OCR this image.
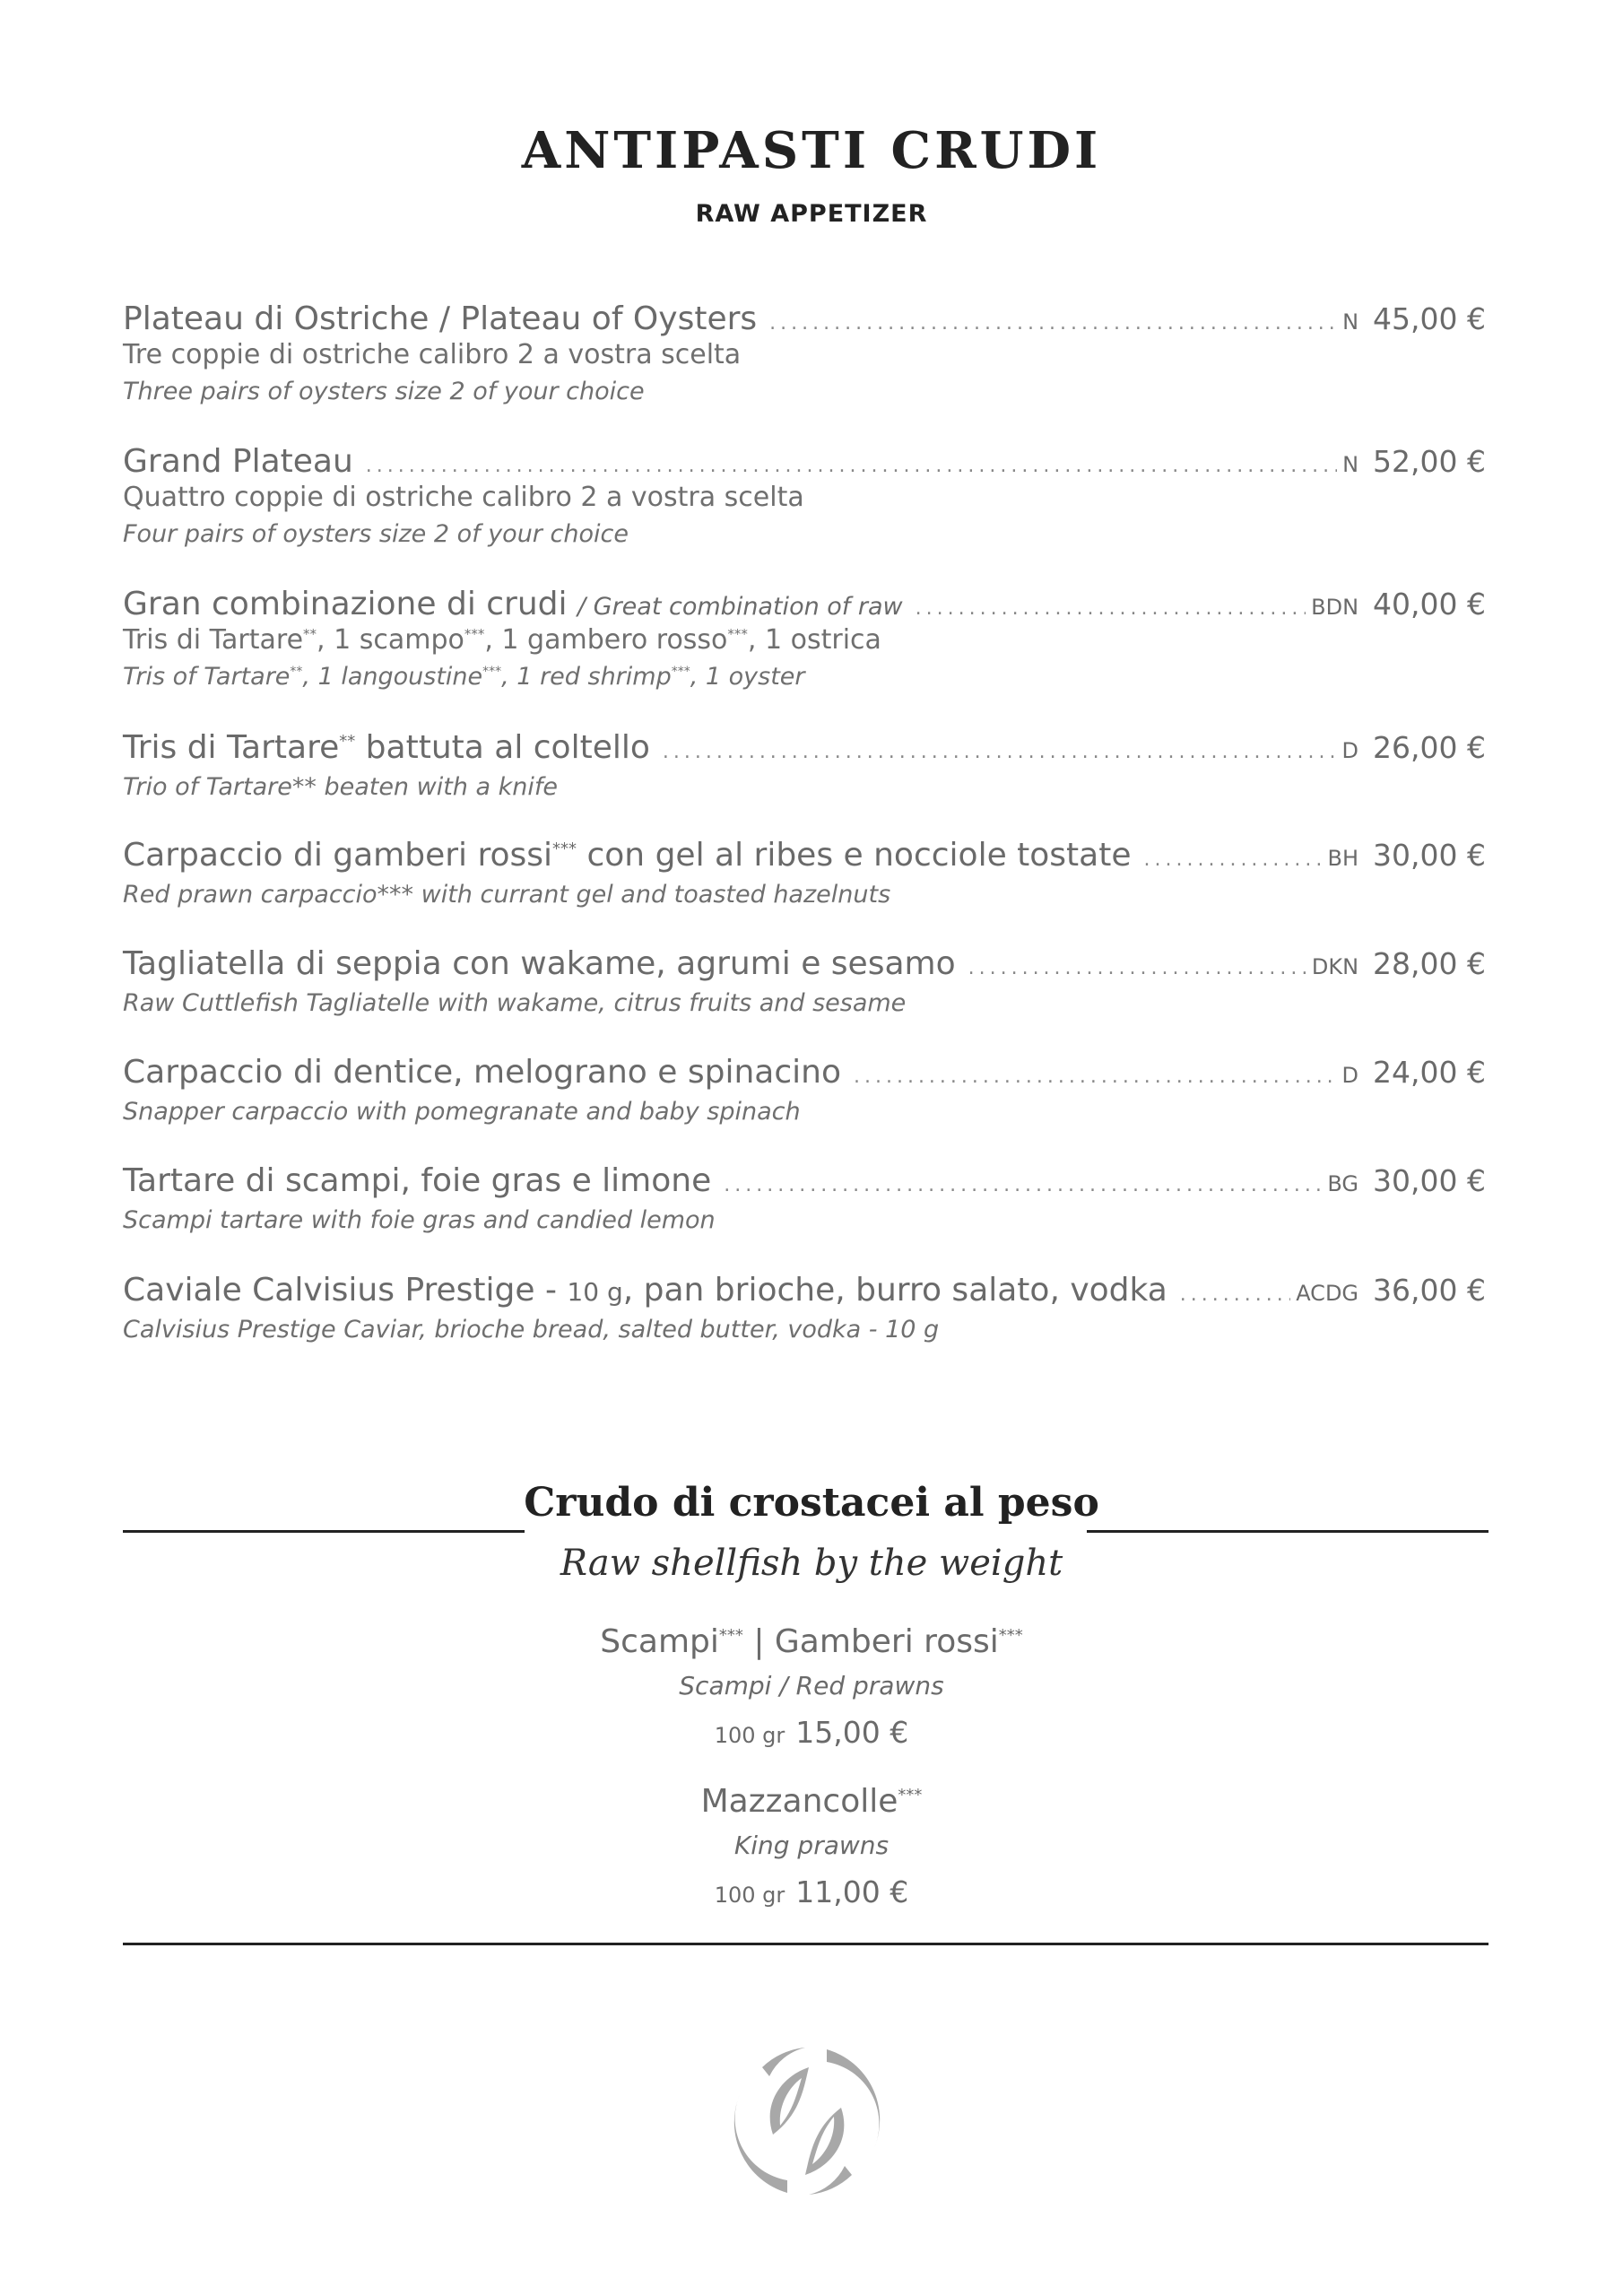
ANTIPASTI CRUDI
RAW APPETIZER
Plateau di Ostriche / Plateau of Oysters .....	N 45,00 €
Tre coppie di ostriche calibro 2 a vostra scelta
Three pairs of oysters size 2 of your choice
Grand Plateau .....	N 52,00 €
Quattro coppie di ostriche calibro 2 a vostra scelta
Four pairs of oysters size 2 of your choice
Gran combinazione di crudi / Great combination of raw .....	BDN 40,00 €
Tris di Tartare**, 1 scampo***, 1 gambero rosso***, 1 ostrica
Tris of Tartare**, 1 langoustine***, 1 red shrimp***, 1 oyster
Tris di Tartare** battuta al coltello .....	D 26,00 €
Trio of Tartare** beaten with a knife
Carpaccio di gamberi rossi*** con gel al ribes e nocciole tostate .....	BH 30,00 €
Red prawn carpaccio*** with currant gel and toasted hazelnuts
Tagliatella di seppia con wakame, agrumi e sesamo .....	DKN 28,00 €
Raw Cuttlefish Tagliatelle with wakame, citrus fruits and sesame
Carpaccio di dentice, melograno e spinacino .....	D 24,00 €
Snapper carpaccio with pomegranate and baby spinach
Tartare di scampi, foie gras e limone .....	BG 30,00 €
Scampi tartare with foie gras and candied lemon
Caviale Calvisius Prestige - 10 g, pan brioche, burro salato, vodka .....	ACDG 36,00 €
Calvisius Prestige Caviar, brioche bread, salted butter, vodka - 10 g
Crudo di crostacei al peso
Raw shellfish by the weight
Scampi*** | Gamberi rossi***
Scampi / Red prawns
100 gr 15,00 €
Mazzancolle***
King prawns
100 gr 11,00 €
